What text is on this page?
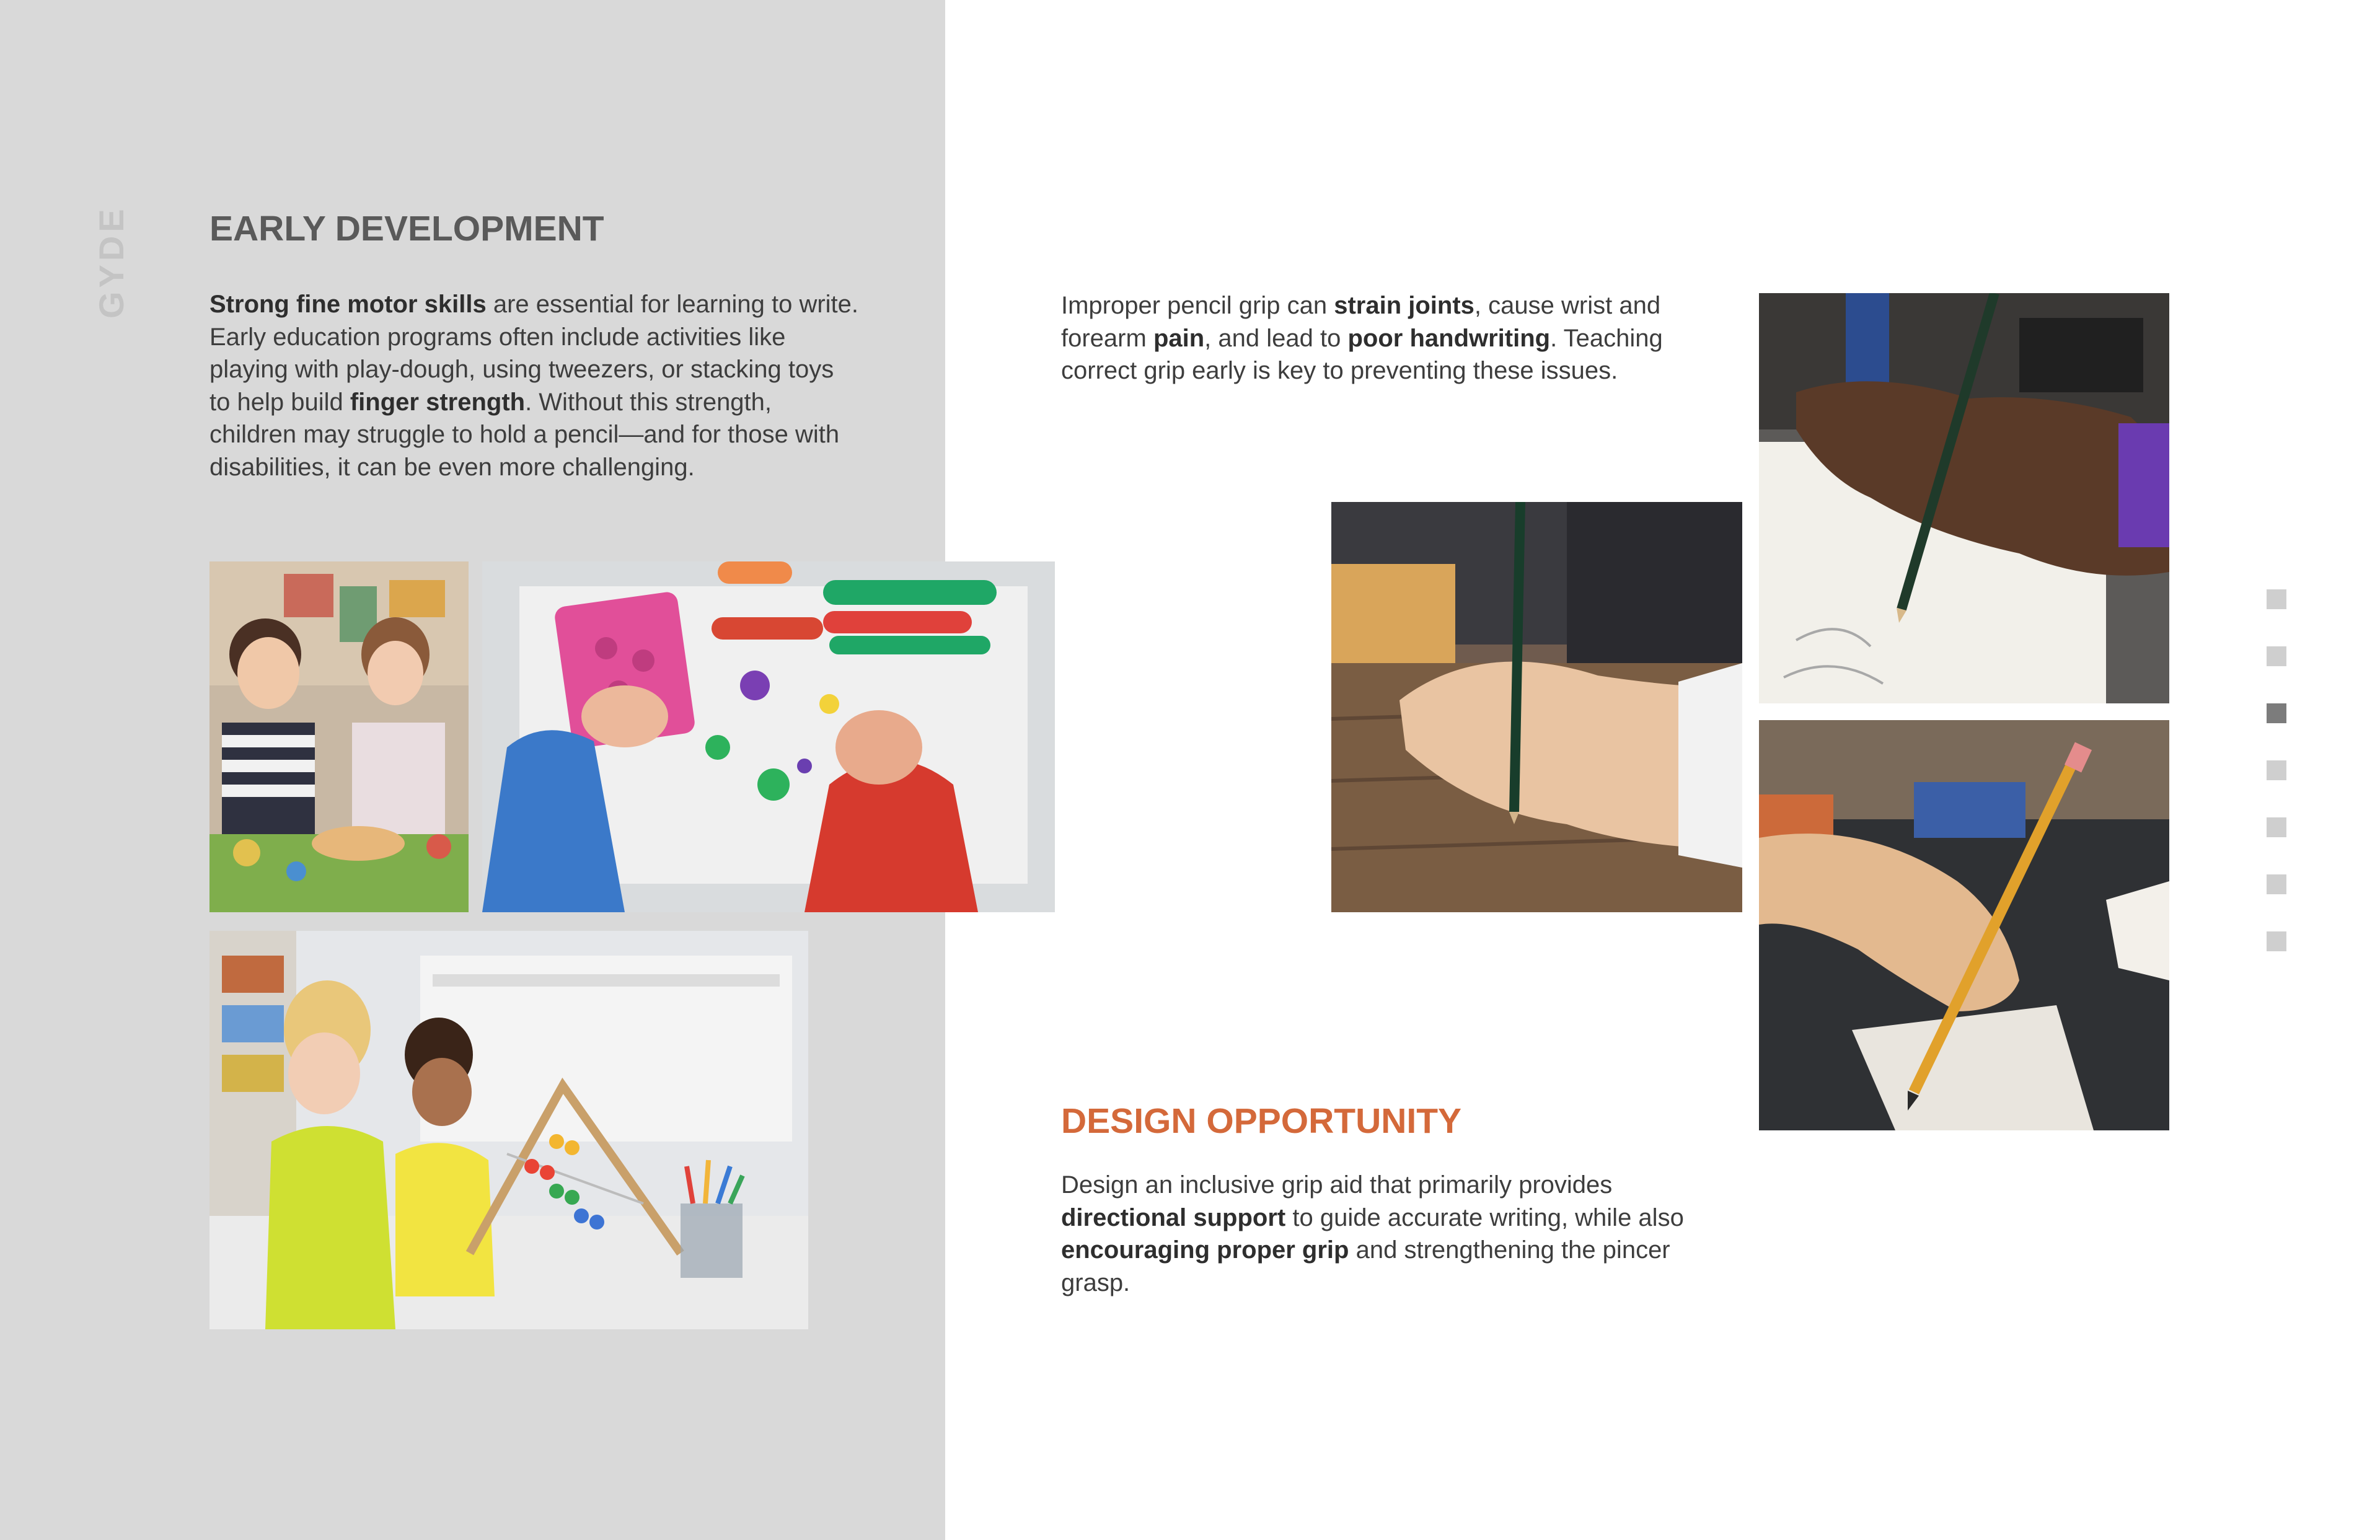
GYDE EARLY DEVELOPMENT

Strong fine motor skills are essential for learning to write. Early education programs often include activities like playing with play-dough, using tweezers, or stacking toys to help build finger strength. Without this strength, children may struggle to hold a pencil—and for those with disabilities, it can be even more challenging.

Improper pencil grip can strain joints, cause wrist and forearm pain, and lead to poor handwriting. Teaching correct grip early is key to preventing these issues.

DESIGN OPPORTUNITY

Design an inclusive grip aid that primarily provides directional support to guide accurate writing, while also encouraging proper grip and strengthening the pincer grasp.
